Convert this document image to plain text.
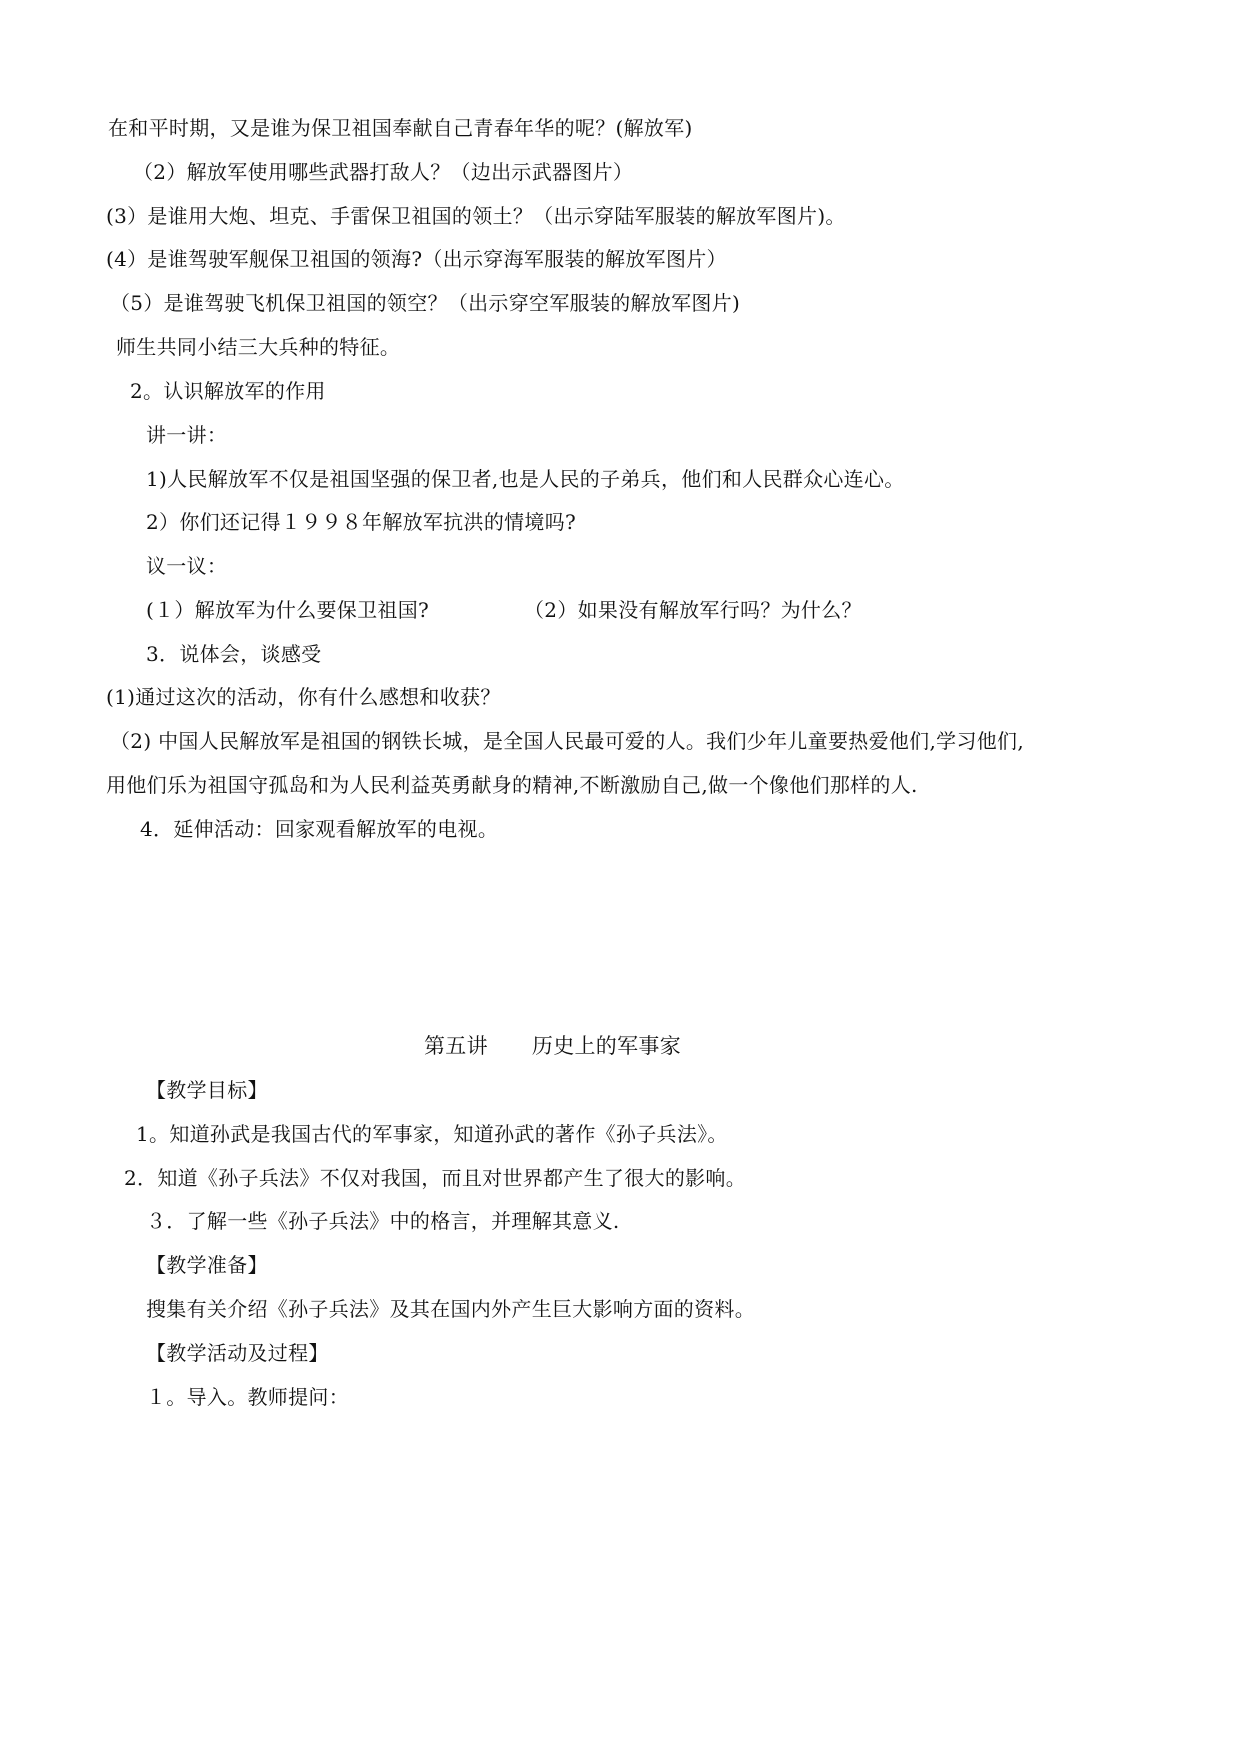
在和平时期，又是谁为保卫祖国奉献自己青春年华的呢？(解放军)
（2）解放军使用哪些武器打敌人？（边出示武器图片）
(3）是谁用大炮、坦克、手雷保卫祖国的领土？（出示穿陆军服装的解放军图片)。
(4）是谁驾驶军舰保卫祖国的领海?（出示穿海军服装的解放军图片）
（5）是谁驾驶飞机保卫祖国的领空？（出示穿空军服装的解放军图片)
师生共同小结三大兵种的特征。
2。认识解放军的作用
讲一讲：
1)人民解放军不仅是祖国坚强的保卫者,也是人民的子弟兵，他们和人民群众心连心。
2）你们还记得１９９８年解放军抗洪的情境吗?
议一议：
(１）解放军为什么要保卫祖国?	（2）如果没有解放军行吗？为什么？
3．说体会，谈感受
(1)通过这次的活动，你有什么感想和收获？
（2) 中国人民解放军是祖国的钢铁长城，是全国人民最可爱的人。我们少年儿童要热爱他们,学习他们,
用他们乐为祖国守孤岛和为人民利益英勇献身的精神,不断激励自己,做一个像他们那样的人.
4．延伸活动：回家观看解放军的电视。
第五讲 历史上的军事家
【教学目标】
1。知道孙武是我国古代的军事家，知道孙武的著作《孙子兵法》。
2．知道《孙子兵法》不仅对我国，而且对世界都产生了很大的影响。
３．了解一些《孙子兵法》中的格言，并理解其意义.
【教学准备】
搜集有关介绍《孙子兵法》及其在国内外产生巨大影响方面的资料。
【教学活动及过程】
１。导入。教师提问：
